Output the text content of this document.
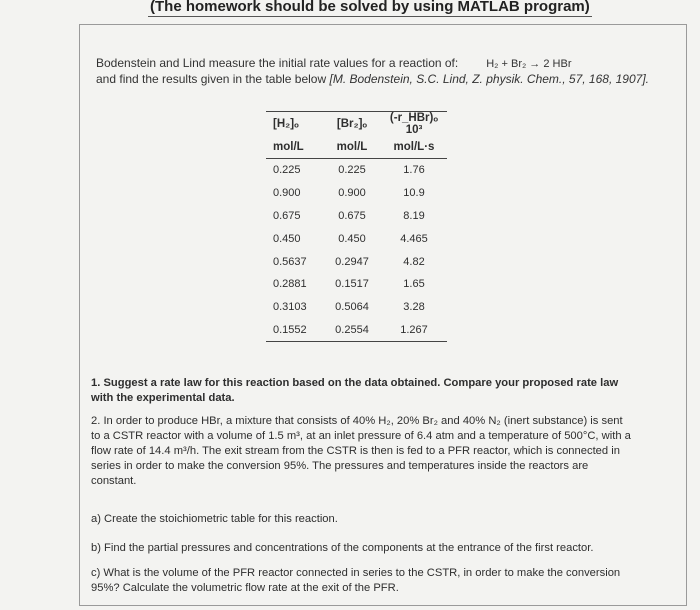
(The homework should be solved by using MATLAB program)
Bodenstein and Lind measure the initial rate values for a reaction of:	H₂ + Br₂ → 2 HBr
and find the results given in the table below [M. Bodenstein, S.C. Lind, Z. physik. Chem., 57, 168, 1907].
[H₂]ₒ	[Br₂]ₒ	(-r_HBr)ₒ 10³
mol/L	mol/L	mol/L·s
0.225	0.225	1.76
0.900	0.900	10.9
0.675	0.675	8.19
0.450	0.450	4.465
0.5637	0.2947	4.82
0.2881	0.1517	1.65
0.3103	0.5064	3.28
0.1552	0.2554	1.267
1. Suggest a rate law for this reaction based on the data obtained. Compare your proposed rate law with the experimental data.
2. In order to produce HBr, a mixture that consists of 40% H₂, 20% Br₂ and 40% N₂ (inert substance) is sent to a CSTR reactor with a volume of 1.5 m³, at an inlet pressure of 6.4 atm and a temperature of 500°C, with a flow rate of 14.4 m³/h. The exit stream from the CSTR is then is fed to a PFR reactor, which is connected in series in order to make the conversion 95%. The pressures and temperatures inside the reactors are constant.
a) Create the stoichiometric table for this reaction.
b) Find the partial pressures and concentrations of the components at the entrance of the first reactor.
c) What is the volume of the PFR reactor connected in series to the CSTR, in order to make the conversion 95%? Calculate the volumetric flow rate at the exit of the PFR.
